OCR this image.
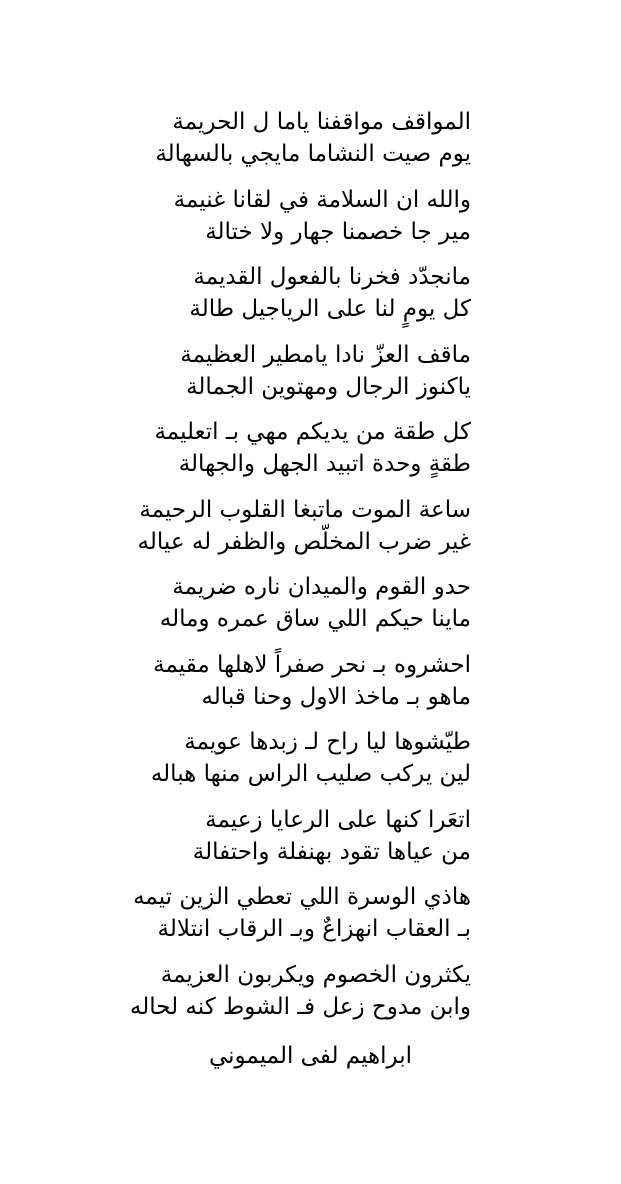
المواقف مواقفنا ياما ل الحريمة
يوم صيت النشاما مايجي بالسهالة
والله ان السلامة في لقانا غنيمة
مير جا خصمنا جهار ولا ختالة
مانجدّد فخرنا بالفعول القديمة
كل يومٍ لنا على الرياجيل طالة
ماقف العزّ نادا يامطير العظيمة
ياكنوز الرجال ومهتوين الجمالة
كل طقة من يديكم مهي بـ اتعليمة
طقةٍ وحدة اتبيد الجهل والجهالة
ساعة الموت ماتبغا القلوب الرحيمة
غير ضرب المخلّص والظفر له عياله
حدو القوم والميدان ناره ضريمة
ماينا حيكم اللي ساق عمره وماله
احشروه بـ نحر صفراً لاهلها مقيمة
ماهو بـ ماخذ الاول وحنا قباله
طيّشوها ليا راح لـ زبدها عويمة
لين يركب صليب الراس منها هباله
اتعَرا كنها على الرعايا زعيمة
من عياها تقود بهنفلة واحتفالة
هاذي الوسرة اللي تعطي الزين تيمه
بـ العقاب انهزاعٌ وبـ الرقاب انتلالة
يكثرون الخصوم ويكربون العزيمة
وابن مدوح زعل فـ الشوط كنه لحاله
ابراهيم لفى الميموني
